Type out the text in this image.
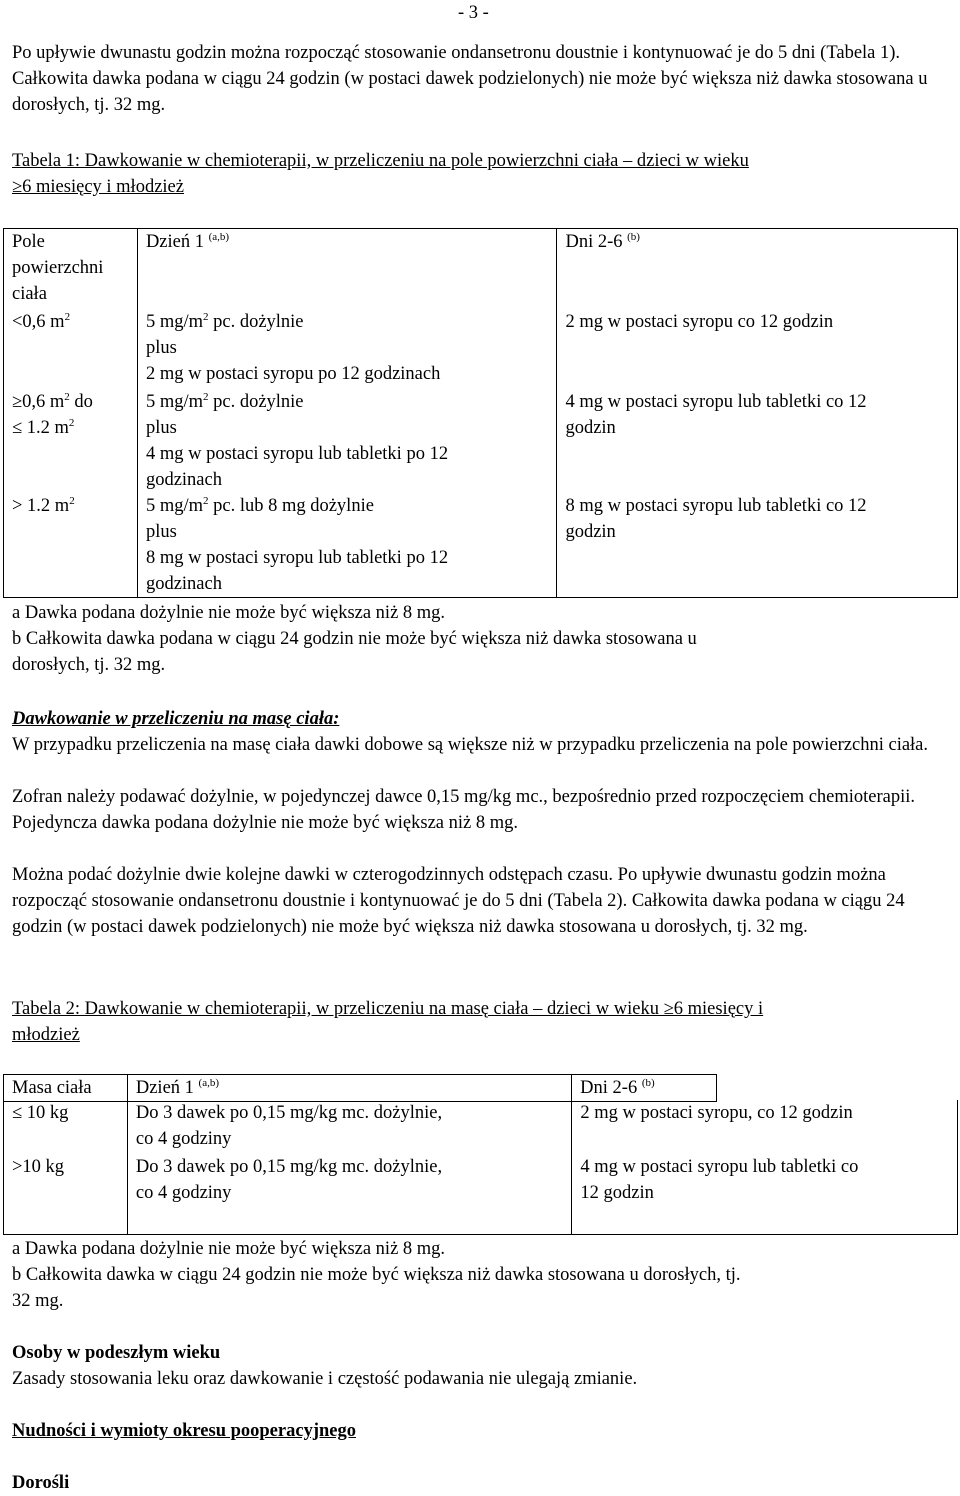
- 3 -

Po upływie dwunastu godzin można rozpocząć stosowanie ondansetronu doustnie i kontynuować je do 5 dni (Tabela 1). Całkowita dawka podana w ciągu 24 godzin (w postaci dawek podzielonych) nie może być większa niż dawka stosowana u dorosłych, tj. 32 mg.

Tabela 1: Dawkowanie w chemioterapii, w przeliczeniu na pole powierzchni ciała – dzieci w wieku
≥6 miesięcy i młodzież
Pole
powierzchni
ciała	Dzień 1 $^{(a,b)}$	Dni 2-6 $^{(b)}$
<0,6 $m^2$	5 $mg/m^2$ pc. dożylnie
plus
2 mg w postaci syropu po 12 godzinach	2 mg w postaci syropu co 12 godzin

≥0,6 $m^2$ do
≤ 1.2 $m^2$	5 $mg/m^2$ pc. dożylnie
plus
4 mg w postaci syropu lub tabletki po 12
godzinach	4 mg w postaci syropu lub tabletki co 12
godzin

> 1.2 $m^2$	5 $mg/m^2$ pc. lub 8 mg dożylnie
plus
8 mg w postaci syropu lub tabletki po 12
godzinach	8 mg w postaci syropu lub tabletki co 12
godzin
a Dawka podana dożylnie nie może być większa niż 8 mg.
b Całkowita dawka podana w ciągu 24 godzin nie może być większa niż dawka stosowana u
dorosłych, tj. 32 mg.
Dawkowanie w przeliczeniu na masę ciała:

W przypadku przeliczenia na masę ciała dawki dobowe są większe niż w przypadku przeliczenia na pole powierzchni ciała.

Zofran należy podawać dożylnie, w pojedynczej dawce 0,15 mg/kg mc., bezpośrednio przed rozpoczęciem chemioterapii. Pojedyncza dawka podana dożylnie nie może być większa niż 8 mg.

Można podać dożylnie dwie kolejne dawki w czterogodzinnych odstępach czasu. Po upływie dwunastu godzin można rozpocząć stosowanie ondansetronu doustnie i kontynuować je do 5 dni (Tabela 2). Całkowita dawka podana w ciągu 24 godzin (w postaci dawek podzielonych) nie może być większa niż dawka stosowana u dorosłych, tj. 32 mg.

Tabela 2: Dawkowanie w chemioterapii, w przeliczeniu na masę ciała – dzieci w wieku ≥6 miesięcy i
młodzież
Masa ciała	Dzień 1 $^{(a,b)}$	Dni 2-6 $^{(b)}$
≤ 10 kg	Do 3 dawek po 0,15 mg/kg mc. dożylnie,
co 4 godziny	2 mg w postaci syropu, co 12 godzin

>10 kg	Do 3 dawek po 0,15 mg/kg mc. dożylnie,
co 4 godziny	4 mg w postaci syropu lub tabletki co
12 godzin
a Dawka podana dożylnie nie może być większa niż 8 mg.
b Całkowita dawka w ciągu 24 godzin nie może być większa niż dawka stosowana u dorosłych, tj.
32 mg.
Osoby w podeszłym wieku
Zasady stosowania leku oraz dawkowanie i częstość podawania nie ulegają zmianie.
Nudności i wymioty okresu pooperacyjnego
Dorośli
